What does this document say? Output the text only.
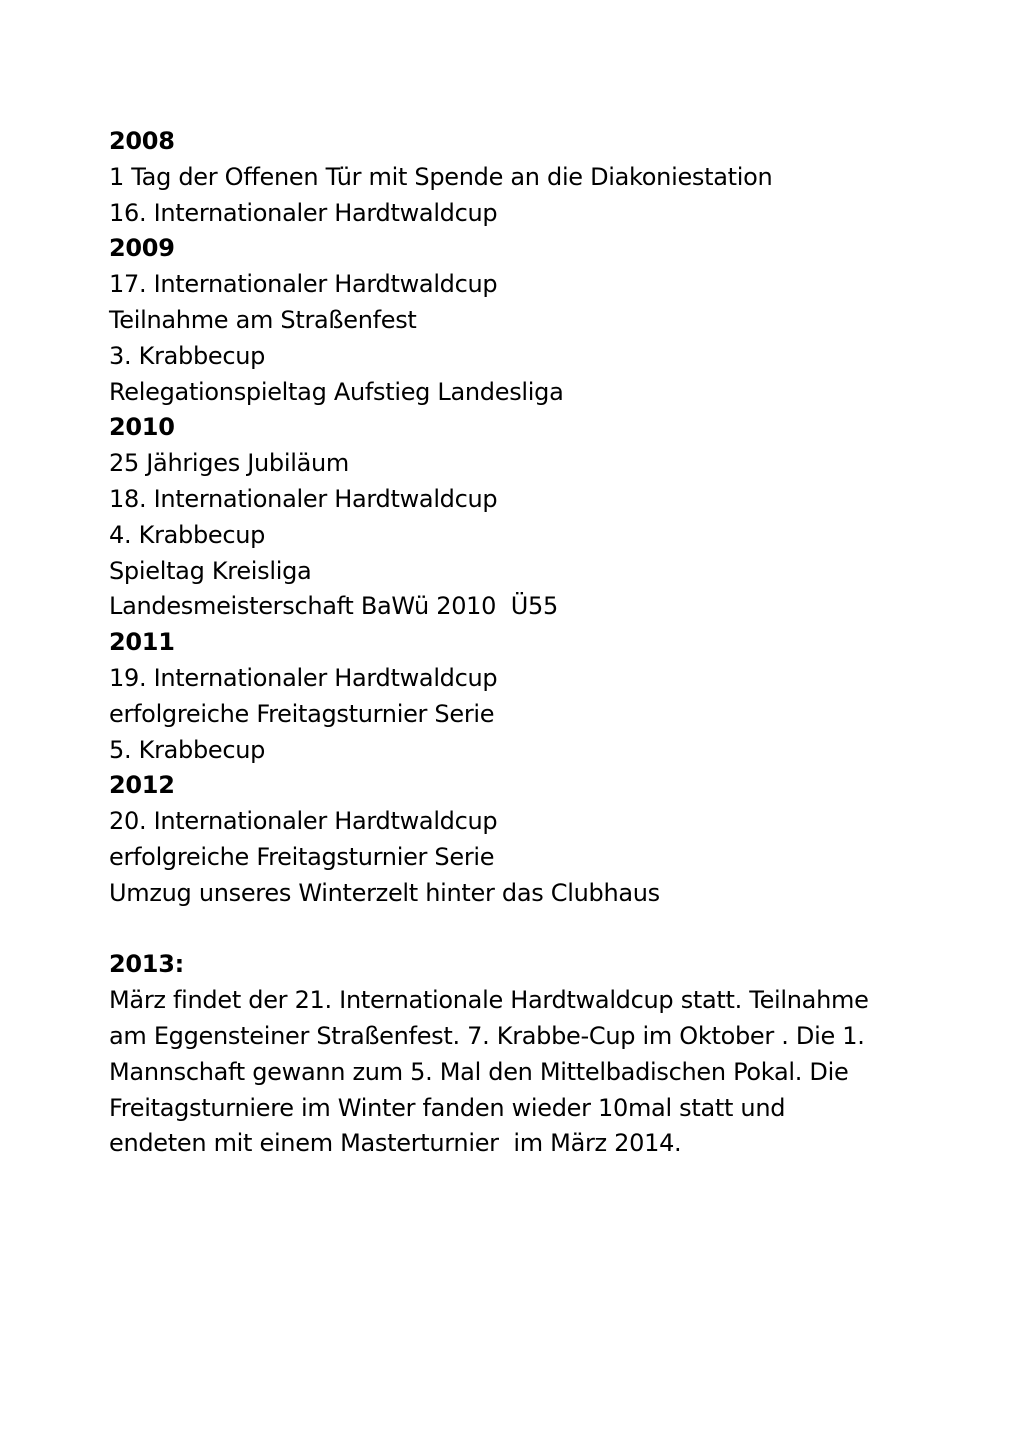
2008
1 Tag der Offenen Tür mit Spende an die Diakoniestation
16. Internationaler Hardtwaldcup
2009
17. Internationaler Hardtwaldcup
Teilnahme am Straßenfest
3. Krabbecup
Relegationspieltag Aufstieg Landesliga
2010
25 Jähriges Jubiläum
18. Internationaler Hardtwaldcup
4. Krabbecup
Spieltag Kreisliga
Landesmeisterschaft BaWü 2010  Ü55
2011
19. Internationaler Hardtwaldcup
erfolgreiche Freitagsturnier Serie
5. Krabbecup
2012
20. Internationaler Hardtwaldcup
erfolgreiche Freitagsturnier Serie
Umzug unseres Winterzelt hinter das Clubhaus
2013:
März findet der 21. Internationale Hardtwaldcup statt. Teilnahme
am Eggensteiner Straßenfest. 7. Krabbe-Cup im Oktober . Die 1.
Mannschaft gewann zum 5. Mal den Mittelbadischen Pokal. Die
Freitagsturniere im Winter fanden wieder 10mal statt und
endeten mit einem Masterturnier  im März 2014.
